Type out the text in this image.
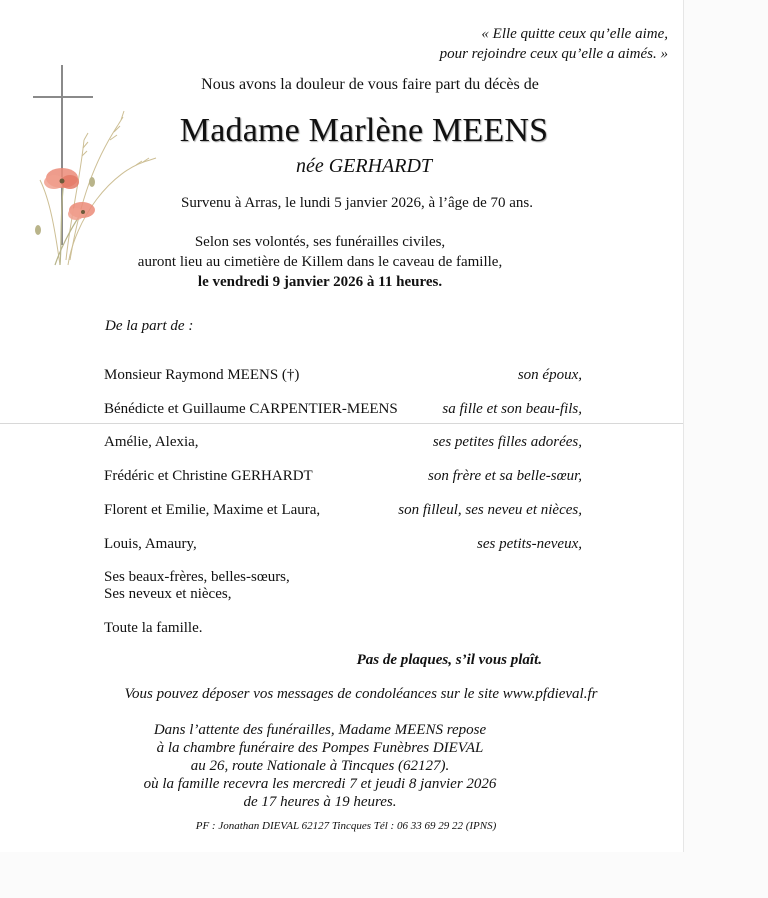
« Elle quitte ceux qu’elle aime,
pour rejoindre ceux qu’elle a aimés. »
Nous avons la douleur de vous faire part du décès de
Madame Marlène MEENS
née GERHARDT
Survenu à Arras, le lundi 5 janvier 2026, à l’âge de 70 ans.
Selon ses volontés, ses funérailles civiles,
auront lieu au cimetière de Killem dans le caveau de famille,
le vendredi 9 janvier 2026 à 11 heures.
De la part de :
Monsieur Raymond MEENS (†)	son époux,
Bénédicte et Guillaume CARPENTIER-MEENS	sa fille et son beau-fils,
Amélie, Alexia,	ses petites filles adorées,
Frédéric et Christine GERHARDT	son frère et sa belle-sœur,
Florent et Emilie, Maxime et Laura,	son filleul, ses neveu et nièces,
Louis, Amaury,	ses petits-neveux,
Ses beaux-frères, belles-sœurs,
Ses neveux et nièces,
Toute la famille.
Pas de plaques, s’il vous plaît.
Vous pouvez déposer vos messages de condoléances sur le site www.pfdieval.fr
Dans l’attente des funérailles, Madame MEENS repose
à la chambre funéraire des Pompes Funèbres DIEVAL
au 26, route Nationale à Tincques (62127).
où la famille recevra les mercredi 7 et jeudi 8 janvier 2026
de 17 heures à 19 heures.
PF : Jonathan DIEVAL 62127 Tincques Tél : 06 33 69 29 22 (IPNS)
